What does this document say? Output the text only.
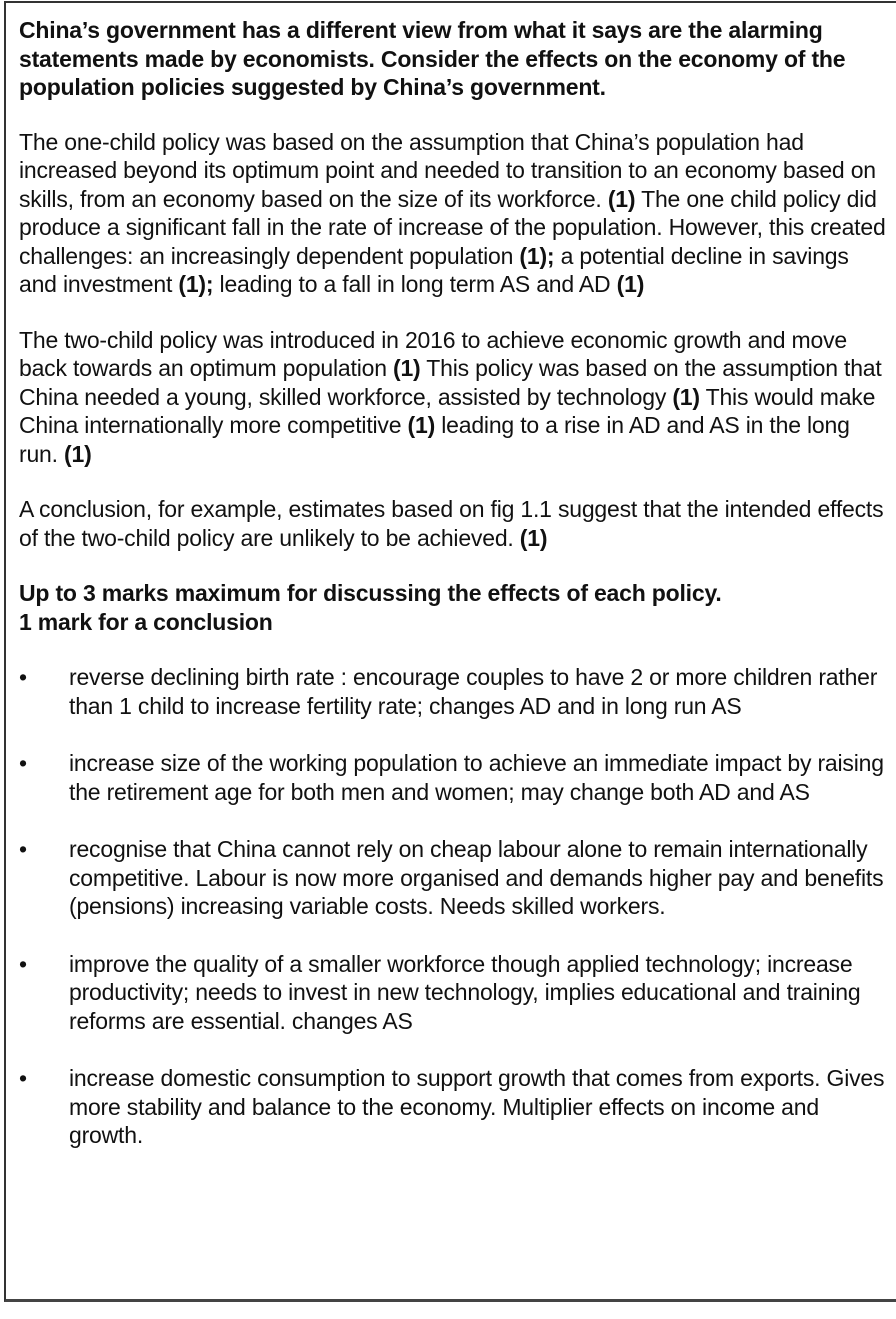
China’s government has a different view from what it says are the alarming statements made by economists. Consider the effects on the economy of the population policies suggested by China’s government.

The one-child policy was based on the assumption that China’s population had increased beyond its optimum point and needed to transition to an economy based on skills, from an economy based on the size of its workforce. (1) The one child policy did produce a significant fall in the rate of increase of the population. However, this created challenges: an increasingly dependent population (1); a potential decline in savings and investment (1); leading to a fall in long term AS and AD (1)

The two-child policy was introduced in 2016 to achieve economic growth and move back towards an optimum population (1) This policy was based on the assumption that China needed a young, skilled workforce, assisted by technology (1) This would make China internationally more competitive (1) leading to a rise in AD and AS in the long run. (1)

A conclusion, for example, estimates based on fig 1.1 suggest that the intended effects of the two-child policy are unlikely to be achieved. (1)

Up to 3 marks maximum for discussing the effects of each policy.
1 mark for a conclusion
•	reverse declining birth rate : encourage couples to have 2 or more children rather than 1 child to increase fertility rate; changes AD and in long run AS
•	increase size of the working population to achieve an immediate impact by raising the retirement age for both men and women; may change both AD and AS
•	recognise that China cannot rely on cheap labour alone to remain internationally competitive. Labour is now more organised and demands higher pay and benefits (pensions) increasing variable costs. Needs skilled workers.
•	improve the quality of a smaller workforce though applied technology; increase productivity; needs to invest in new technology, implies educational and training reforms are essential. changes AS
•	increase domestic consumption to support growth that comes from exports. Gives more stability and balance to the economy. Multiplier effects on income and growth.
